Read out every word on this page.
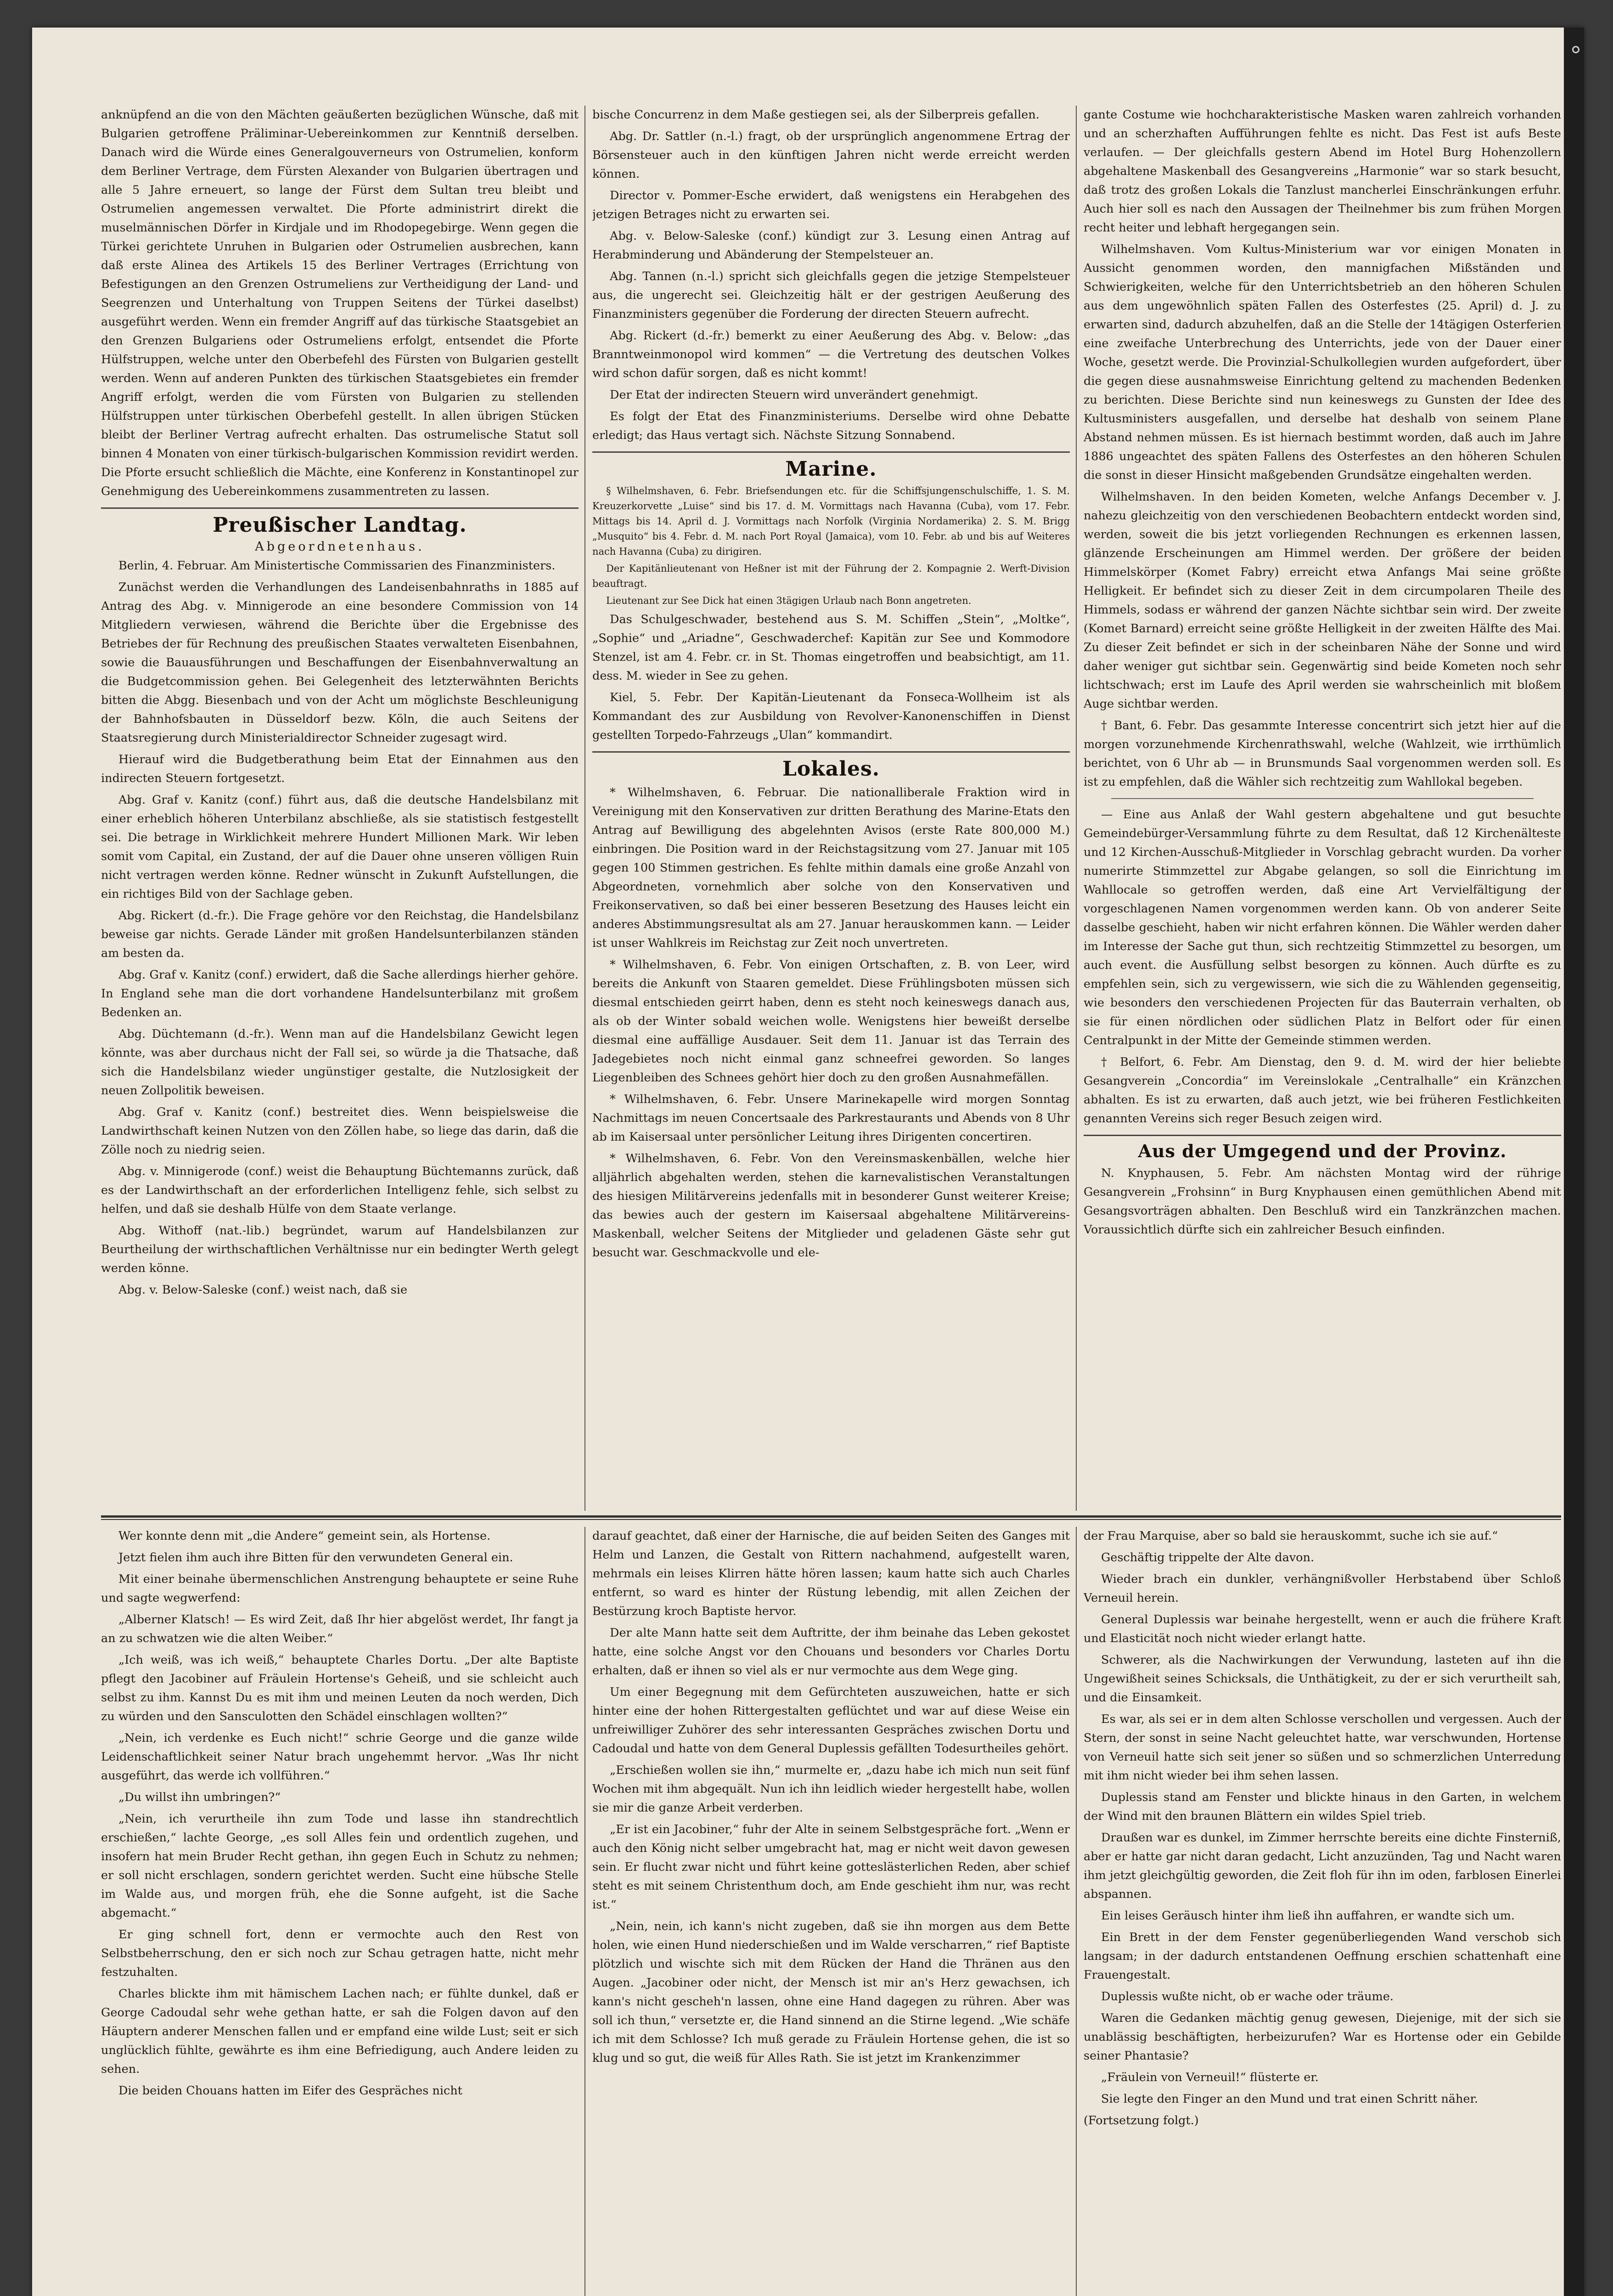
anknüpfend an die von den Mächten geäußerten bezüglichen Wünsche, daß mit Bulgarien getroffene Präliminar-Uebereinkommen zur Kenntniß derselben. Danach wird die Würde eines Generalgouverneurs von Ostrumelien, konform dem Berliner Vertrage, dem Fürsten Alexander von Bulgarien übertragen und alle 5 Jahre erneuert, so lange der Fürst dem Sultan treu bleibt und Ostrumelien angemessen verwaltet. Die Pforte administrirt direkt die muselmännischen Dörfer in Kirdjale und im Rhodopegebirge. Wenn gegen die Türkei gerichtete Unruhen in Bulgarien oder Ostrumelien ausbrechen, kann daß erste Alinea des Artikels 15 des Berliner Vertrages (Errichtung von Befestigungen an den Grenzen Ostrumeliens zur Vertheidigung der Land- und Seegrenzen und Unterhaltung von Truppen Seitens der Türkei daselbst) ausgeführt werden. Wenn ein fremder Angriff auf das türkische Staatsgebiet an den Grenzen Bulgariens oder Ostrumeliens erfolgt, entsendet die Pforte Hülfstruppen, welche unter den Oberbefehl des Fürsten von Bulgarien gestellt werden. Wenn auf anderen Punkten des türkischen Staatsgebietes ein fremder Angriff erfolgt, werden die vom Fürsten von Bulgarien zu stellenden Hülfstruppen unter türkischen Oberbefehl gestellt. In allen übrigen Stücken bleibt der Berliner Vertrag aufrecht erhalten. Das ostrumelische Statut soll binnen 4 Monaten von einer türkisch-bulgarischen Kommission revidirt werden. Die Pforte ersucht schließlich die Mächte, eine Konferenz in Konstantinopel zur Genehmigung des Uebereinkommens zusammentreten zu lassen.

Preußischer Landtag.
Abgeordnetenhaus.

Berlin, 4. Februar. Am Ministertische Commissarien des Finanzministers.

Zunächst werden die Verhandlungen des Landeisenbahnraths in 1885 auf Antrag des Abg. v. Minnigerode an eine besondere Commission von 14 Mitgliedern verwiesen, während die Berichte über die Ergebnisse des Betriebes der für Rechnung des preußischen Staates verwalteten Eisenbahnen, sowie die Bauausführungen und Beschaffungen der Eisenbahnverwaltung an die Budgetcommission gehen. Bei Gelegenheit des letzterwähnten Berichts bitten die Abgg. Biesenbach und von der Acht um möglichste Beschleunigung der Bahnhofsbauten in Düsseldorf bezw. Köln, die auch Seitens der Staatsregierung durch Ministerialdirector Schneider zugesagt wird.

Hierauf wird die Budgetberathung beim Etat der Einnahmen aus den indirecten Steuern fortgesetzt.

Abg. Graf v. Kanitz (conf.) führt aus, daß die deutsche Handelsbilanz mit einer erheblich höheren Unterbilanz abschließe, als sie statistisch festgestellt sei. Die betrage in Wirklichkeit mehrere Hundert Millionen Mark. Wir leben somit vom Capital, ein Zustand, der auf die Dauer ohne unseren völligen Ruin nicht vertragen werden könne. Redner wünscht in Zukunft Aufstellungen, die ein richtiges Bild von der Sachlage geben.

Abg. Rickert (d.-fr.). Die Frage gehöre vor den Reichstag, die Handelsbilanz beweise gar nichts. Gerade Länder mit großen Handelsunterbilanzen ständen am besten da.

Abg. Graf v. Kanitz (conf.) erwidert, daß die Sache allerdings hierher gehöre. In England sehe man die dort vorhandene Handelsunterbilanz mit großem Bedenken an.

Abg. Düchtemann (d.-fr.). Wenn man auf die Handelsbilanz Gewicht legen könnte, was aber durchaus nicht der Fall sei, so würde ja die Thatsache, daß sich die Handelsbilanz wieder ungünstiger gestalte, die Nutzlosigkeit der neuen Zollpolitik beweisen.

Abg. Graf v. Kanitz (conf.) bestreitet dies. Wenn beispielsweise die Landwirthschaft keinen Nutzen von den Zöllen habe, so liege das darin, daß die Zölle noch zu niedrig seien.

Abg. v. Minnigerode (conf.) weist die Behauptung Büchtemanns zurück, daß es der Landwirthschaft an der erforderlichen Intelligenz fehle, sich selbst zu helfen, und daß sie deshalb Hülfe von dem Staate verlange.

Abg. Withoff (nat.-lib.) begründet, warum auf Handelsbilanzen zur Beurtheilung der wirthschaftlichen Verhältnisse nur ein bedingter Werth gelegt werden könne.

Abg. v. Below-Saleske (conf.) weist nach, daß sie

bische Concurrenz in dem Maße gestiegen sei, als der Silberpreis gefallen.

Abg. Dr. Sattler (n.-l.) fragt, ob der ursprünglich angenommene Ertrag der Börsensteuer auch in den künftigen Jahren nicht werde erreicht werden können.

Director v. Pommer-Esche erwidert, daß wenigstens ein Herabgehen des jetzigen Betrages nicht zu erwarten sei.

Abg. v. Below-Saleske (conf.) kündigt zur 3. Lesung einen Antrag auf Herabminderung und Abänderung der Stempelsteuer an.

Abg. Tannen (n.-l.) spricht sich gleichfalls gegen die jetzige Stempelsteuer aus, die ungerecht sei. Gleichzeitig hält er der gestrigen Aeußerung des Finanzministers gegenüber die Forderung der directen Steuern aufrecht.

Abg. Rickert (d.-fr.) bemerkt zu einer Aeußerung des Abg. v. Below: „das Branntweinmonopol wird kommen“ — die Vertretung des deutschen Volkes wird schon dafür sorgen, daß es nicht kommt!

Der Etat der indirecten Steuern wird unverändert genehmigt.

Es folgt der Etat des Finanzministeriums. Derselbe wird ohne Debatte erledigt; das Haus vertagt sich. Nächste Sitzung Sonnabend.

Marine.

§ Wilhelmshaven, 6. Febr. Briefsendungen etc. für die Schiffsjungenschulschiffe, 1. S. M. Kreuzerkorvette „Luise“ sind bis 17. d. M. Vormittags nach Havanna (Cuba), vom 17. Febr. Mittags bis 14. April d. J. Vormittags nach Norfolk (Virginia Nordamerika) 2. S. M. Brigg „Musquito“ bis 4. Febr. d. M. nach Port Royal (Jamaica), vom 10. Febr. ab und bis auf Weiteres nach Havanna (Cuba) zu dirigiren.

Der Kapitänlieutenant von Heßner ist mit der Führung der 2. Kompagnie 2. Werft-Division beauftragt.

Lieutenant zur See Dick hat einen 3tägigen Urlaub nach Bonn angetreten.

Das Schulgeschwader, bestehend aus S. M. Schiffen „Stein“, „Moltke“, „Sophie“ und „Ariadne“, Geschwaderchef: Kapitän zur See und Kommodore Stenzel, ist am 4. Febr. cr. in St. Thomas eingetroffen und beabsichtigt, am 11. dess. M. wieder in See zu gehen.

Kiel, 5. Febr. Der Kapitän-Lieutenant da Fonseca-Wollheim ist als Kommandant des zur Ausbildung von Revolver-Kanonenschiffen in Dienst gestellten Torpedo-Fahrzeugs „Ulan“ kommandirt.

Lokales.

* Wilhelmshaven, 6. Februar. Die nationalliberale Fraktion wird in Vereinigung mit den Konservativen zur dritten Berathung des Marine-Etats den Antrag auf Bewilligung des abgelehnten Avisos (erste Rate 800,000 M.) einbringen. Die Position ward in der Reichstagsitzung vom 27. Januar mit 105 gegen 100 Stimmen gestrichen. Es fehlte mithin damals eine große Anzahl von Abgeordneten, vornehmlich aber solche von den Konservativen und Freikonservativen, so daß bei einer besseren Besetzung des Hauses leicht ein anderes Abstimmungsresultat als am 27. Januar herauskommen kann. — Leider ist unser Wahlkreis im Reichstag zur Zeit noch unvertreten.

* Wilhelmshaven, 6. Febr. Von einigen Ortschaften, z. B. von Leer, wird bereits die Ankunft von Staaren gemeldet. Diese Frühlingsboten müssen sich diesmal entschieden geirrt haben, denn es steht noch keineswegs danach aus, als ob der Winter sobald weichen wolle. Wenigstens hier beweißt derselbe diesmal eine auffällige Ausdauer. Seit dem 11. Januar ist das Terrain des Jadegebietes noch nicht einmal ganz schneefrei geworden. So langes Liegenbleiben des Schnees gehört hier doch zu den großen Ausnahmefällen.

* Wilhelmshaven, 6. Febr. Unsere Marinekapelle wird morgen Sonntag Nachmittags im neuen Concertsaale des Parkrestaurants und Abends von 8 Uhr ab im Kaisersaal unter persönlicher Leitung ihres Dirigenten concertiren.

* Wilhelmshaven, 6. Febr. Von den Vereinsmaskenbällen, welche hier alljährlich abgehalten werden, stehen die karnevalistischen Veranstaltungen des hiesigen Militärvereins jedenfalls mit in besonderer Gunst weiterer Kreise; das bewies auch der gestern im Kaisersaal abgehaltene Militärvereins-Maskenball, welcher Seitens der Mitglieder und geladenen Gäste sehr gut besucht war. Geschmackvolle und ele-

gante Costume wie hochcharakteristische Masken waren zahlreich vorhanden und an scherzhaften Aufführungen fehlte es nicht. Das Fest ist aufs Beste verlaufen. — Der gleichfalls gestern Abend im Hotel Burg Hohenzollern abgehaltene Maskenball des Gesangvereins „Harmonie“ war so stark besucht, daß trotz des großen Lokals die Tanzlust mancherlei Einschränkungen erfuhr. Auch hier soll es nach den Aussagen der Theilnehmer bis zum frühen Morgen recht heiter und lebhaft hergegangen sein.

Wilhelmshaven. Vom Kultus-Ministerium war vor einigen Monaten in Aussicht genommen worden, den mannigfachen Mißständen und Schwierigkeiten, welche für den Unterrichtsbetrieb an den höheren Schulen aus dem ungewöhnlich späten Fallen des Osterfestes (25. April) d. J. zu erwarten sind, dadurch abzuhelfen, daß an die Stelle der 14tägigen Osterferien eine zweifache Unterbrechung des Unterrichts, jede von der Dauer einer Woche, gesetzt werde. Die Provinzial-Schulkollegien wurden aufgefordert, über die gegen diese ausnahmsweise Einrichtung geltend zu machenden Bedenken zu berichten. Diese Berichte sind nun keineswegs zu Gunsten der Idee des Kultusministers ausgefallen, und derselbe hat deshalb von seinem Plane Abstand nehmen müssen. Es ist hiernach bestimmt worden, daß auch im Jahre 1886 ungeachtet des späten Fallens des Osterfestes an den höheren Schulen die sonst in dieser Hinsicht maßgebenden Grundsätze eingehalten werden.

Wilhelmshaven. In den beiden Kometen, welche Anfangs December v. J. nahezu gleichzeitig von den verschiedenen Beobachtern entdeckt worden sind, werden, soweit die bis jetzt vorliegenden Rechnungen es erkennen lassen, glänzende Erscheinungen am Himmel werden. Der größere der beiden Himmelskörper (Komet Fabry) erreicht etwa Anfangs Mai seine größte Helligkeit. Er befindet sich zu dieser Zeit in dem circumpolaren Theile des Himmels, sodass er während der ganzen Nächte sichtbar sein wird. Der zweite (Komet Barnard) erreicht seine größte Helligkeit in der zweiten Hälfte des Mai. Zu dieser Zeit befindet er sich in der scheinbaren Nähe der Sonne und wird daher weniger gut sichtbar sein. Gegenwärtig sind beide Kometen noch sehr lichtschwach; erst im Laufe des April werden sie wahrscheinlich mit bloßem Auge sichtbar werden.

† Bant, 6. Febr. Das gesammte Interesse concentrirt sich jetzt hier auf die morgen vorzunehmende Kirchenrathswahl, welche (Wahlzeit, wie irrthümlich berichtet, von 6 Uhr ab — in Brunsmunds Saal vorgenommen werden soll. Es ist zu empfehlen, daß die Wähler sich rechtzeitig zum Wahllokal begeben.

— Eine aus Anlaß der Wahl gestern abgehaltene und gut besuchte Gemeindebürger-Versammlung führte zu dem Resultat, daß 12 Kirchenälteste und 12 Kirchen-Ausschuß-Mitglieder in Vorschlag gebracht wurden. Da vorher numerirte Stimmzettel zur Abgabe gelangen, so soll die Einrichtung im Wahllocale so getroffen werden, daß eine Art Vervielfältigung der vorgeschlagenen Namen vorgenommen werden kann. Ob von anderer Seite dasselbe geschieht, haben wir nicht erfahren können. Die Wähler werden daher im Interesse der Sache gut thun, sich rechtzeitig Stimmzettel zu besorgen, um auch event. die Ausfüllung selbst besorgen zu können. Auch dürfte es zu empfehlen sein, sich zu vergewissern, wie sich die zu Wählenden gegenseitig, wie besonders den verschiedenen Projecten für das Bauterrain verhalten, ob sie für einen nördlichen oder südlichen Platz in Belfort oder für einen Centralpunkt in der Mitte der Gemeinde stimmen werden.

† Belfort, 6. Febr. Am Dienstag, den 9. d. M. wird der hier beliebte Gesangverein „Concordia“ im Vereinslokale „Centralhalle“ ein Kränzchen abhalten. Es ist zu erwarten, daß auch jetzt, wie bei früheren Festlichkeiten genannten Vereins sich reger Besuch zeigen wird.

Aus der Umgegend und der Provinz.

N. Knyphausen, 5. Febr. Am nächsten Montag wird der rührige Gesangverein „Frohsinn“ in Burg Knyphausen einen gemüthlichen Abend mit Gesangsvorträgen abhalten. Den Beschluß wird ein Tanzkränzchen machen. Voraussichtlich dürfte sich ein zahlreicher Besuch einfinden.

Wer konnte denn mit „die Andere“ gemeint sein, als Hortense.

Jetzt fielen ihm auch ihre Bitten für den verwundeten General ein.

Mit einer beinahe übermenschlichen Anstrengung behauptete er seine Ruhe und sagte wegwerfend:

„Alberner Klatsch! — Es wird Zeit, daß Ihr hier abgelöst werdet, Ihr fangt ja an zu schwatzen wie die alten Weiber.“

„Ich weiß, was ich weiß,“ behauptete Charles Dortu. „Der alte Baptiste pflegt den Jacobiner auf Fräulein Hortense's Geheiß, und sie schleicht auch selbst zu ihm. Kannst Du es mit ihm und meinen Leuten da noch werden, Dich zu würden und den Sansculotten den Schädel einschlagen wollten?“

„Nein, ich verdenke es Euch nicht!“ schrie George und die ganze wilde Leidenschaftlichkeit seiner Natur brach ungehemmt hervor. „Was Ihr nicht ausgeführt, das werde ich vollführen.“

„Du willst ihn umbringen?“

„Nein, ich verurtheile ihn zum Tode und lasse ihn standrechtlich erschießen,“ lachte George, „es soll Alles fein und ordentlich zugehen, und insofern hat mein Bruder Recht gethan, ihn gegen Euch in Schutz zu nehmen; er soll nicht erschlagen, sondern gerichtet werden. Sucht eine hübsche Stelle im Walde aus, und morgen früh, ehe die Sonne aufgeht, ist die Sache abgemacht.“

Er ging schnell fort, denn er vermochte auch den Rest von Selbstbeherrschung, den er sich noch zur Schau getragen hatte, nicht mehr festzuhalten.

Charles blickte ihm mit hämischem Lachen nach; er fühlte dunkel, daß er George Cadoudal sehr wehe gethan hatte, er sah die Folgen davon auf den Häuptern anderer Menschen fallen und er empfand eine wilde Lust; seit er sich unglücklich fühlte, gewährte es ihm eine Befriedigung, auch Andere leiden zu sehen.

Die beiden Chouans hatten im Eifer des Gespräches nicht

darauf geachtet, daß einer der Harnische, die auf beiden Seiten des Ganges mit Helm und Lanzen, die Gestalt von Rittern nachahmend, aufgestellt waren, mehrmals ein leises Klirren hätte hören lassen; kaum hatte sich auch Charles entfernt, so ward es hinter der Rüstung lebendig, mit allen Zeichen der Bestürzung kroch Baptiste hervor.

Der alte Mann hatte seit dem Auftritte, der ihm beinahe das Leben gekostet hatte, eine solche Angst vor den Chouans und besonders vor Charles Dortu erhalten, daß er ihnen so viel als er nur vermochte aus dem Wege ging.

Um einer Begegnung mit dem Gefürchteten auszuweichen, hatte er sich hinter eine der hohen Rittergestalten geflüchtet und war auf diese Weise ein unfreiwilliger Zuhörer des sehr interessanten Gespräches zwischen Dortu und Cadoudal und hatte von dem General Duplessis gefällten Todesurtheiles gehört.

„Erschießen wollen sie ihn,“ murmelte er, „dazu habe ich mich nun seit fünf Wochen mit ihm abgequält. Nun ich ihn leidlich wieder hergestellt habe, wollen sie mir die ganze Arbeit verderben.

„Er ist ein Jacobiner,“ fuhr der Alte in seinem Selbstgespräche fort. „Wenn er auch den König nicht selber umgebracht hat, mag er nicht weit davon gewesen sein. Er flucht zwar nicht und führt keine gotteslästerlichen Reden, aber schief steht es mit seinem Christenthum doch, am Ende geschieht ihm nur, was recht ist.“

„Nein, nein, ich kann's nicht zugeben, daß sie ihn morgen aus dem Bette holen, wie einen Hund niederschießen und im Walde verscharren,“ rief Baptiste plötzlich und wischte sich mit dem Rücken der Hand die Thränen aus den Augen. „Jacobiner oder nicht, der Mensch ist mir an's Herz gewachsen, ich kann's nicht gescheh'n lassen, ohne eine Hand dagegen zu rühren. Aber was soll ich thun,“ versetzte er, die Hand sinnend an die Stirne legend. „Wie schäfe ich mit dem Schlosse? Ich muß gerade zu Fräulein Hortense gehen, die ist so klug und so gut, die weiß für Alles Rath. Sie ist jetzt im Krankenzimmer

der Frau Marquise, aber so bald sie herauskommt, suche ich sie auf.“

Geschäftig trippelte der Alte davon.

Wieder brach ein dunkler, verhängnißvoller Herbstabend über Schloß Verneuil herein.

General Duplessis war beinahe hergestellt, wenn er auch die frühere Kraft und Elasticität noch nicht wieder erlangt hatte.

Schwerer, als die Nachwirkungen der Verwundung, lasteten auf ihn die Ungewißheit seines Schicksals, die Unthätigkeit, zu der er sich verurtheilt sah, und die Einsamkeit.

Es war, als sei er in dem alten Schlosse verschollen und vergessen. Auch der Stern, der sonst in seine Nacht geleuchtet hatte, war verschwunden, Hortense von Verneuil hatte sich seit jener so süßen und so schmerzlichen Unterredung mit ihm nicht wieder bei ihm sehen lassen.

Duplessis stand am Fenster und blickte hinaus in den Garten, in welchem der Wind mit den braunen Blättern ein wildes Spiel trieb.

Draußen war es dunkel, im Zimmer herrschte bereits eine dichte Finsterniß, aber er hatte gar nicht daran gedacht, Licht anzuzünden, Tag und Nacht waren ihm jetzt gleichgültig geworden, die Zeit floh für ihn im oden, farblosen Einerlei abspannen.

Ein leises Geräusch hinter ihm ließ ihn auffahren, er wandte sich um.

Ein Brett in der dem Fenster gegenüberliegenden Wand verschob sich langsam; in der dadurch entstandenen Oeffnung erschien schattenhaft eine Frauengestalt.

Duplessis wußte nicht, ob er wache oder träume.

Waren die Gedanken mächtig genug gewesen, Diejenige, mit der sich sie unablässig beschäftigten, herbeizurufen? War es Hortense oder ein Gebilde seiner Phantasie?

„Fräulein von Verneuil!“ flüsterte er.

Sie legte den Finger an den Mund und trat einen Schritt näher.

(Fortsetzung folgt.)
